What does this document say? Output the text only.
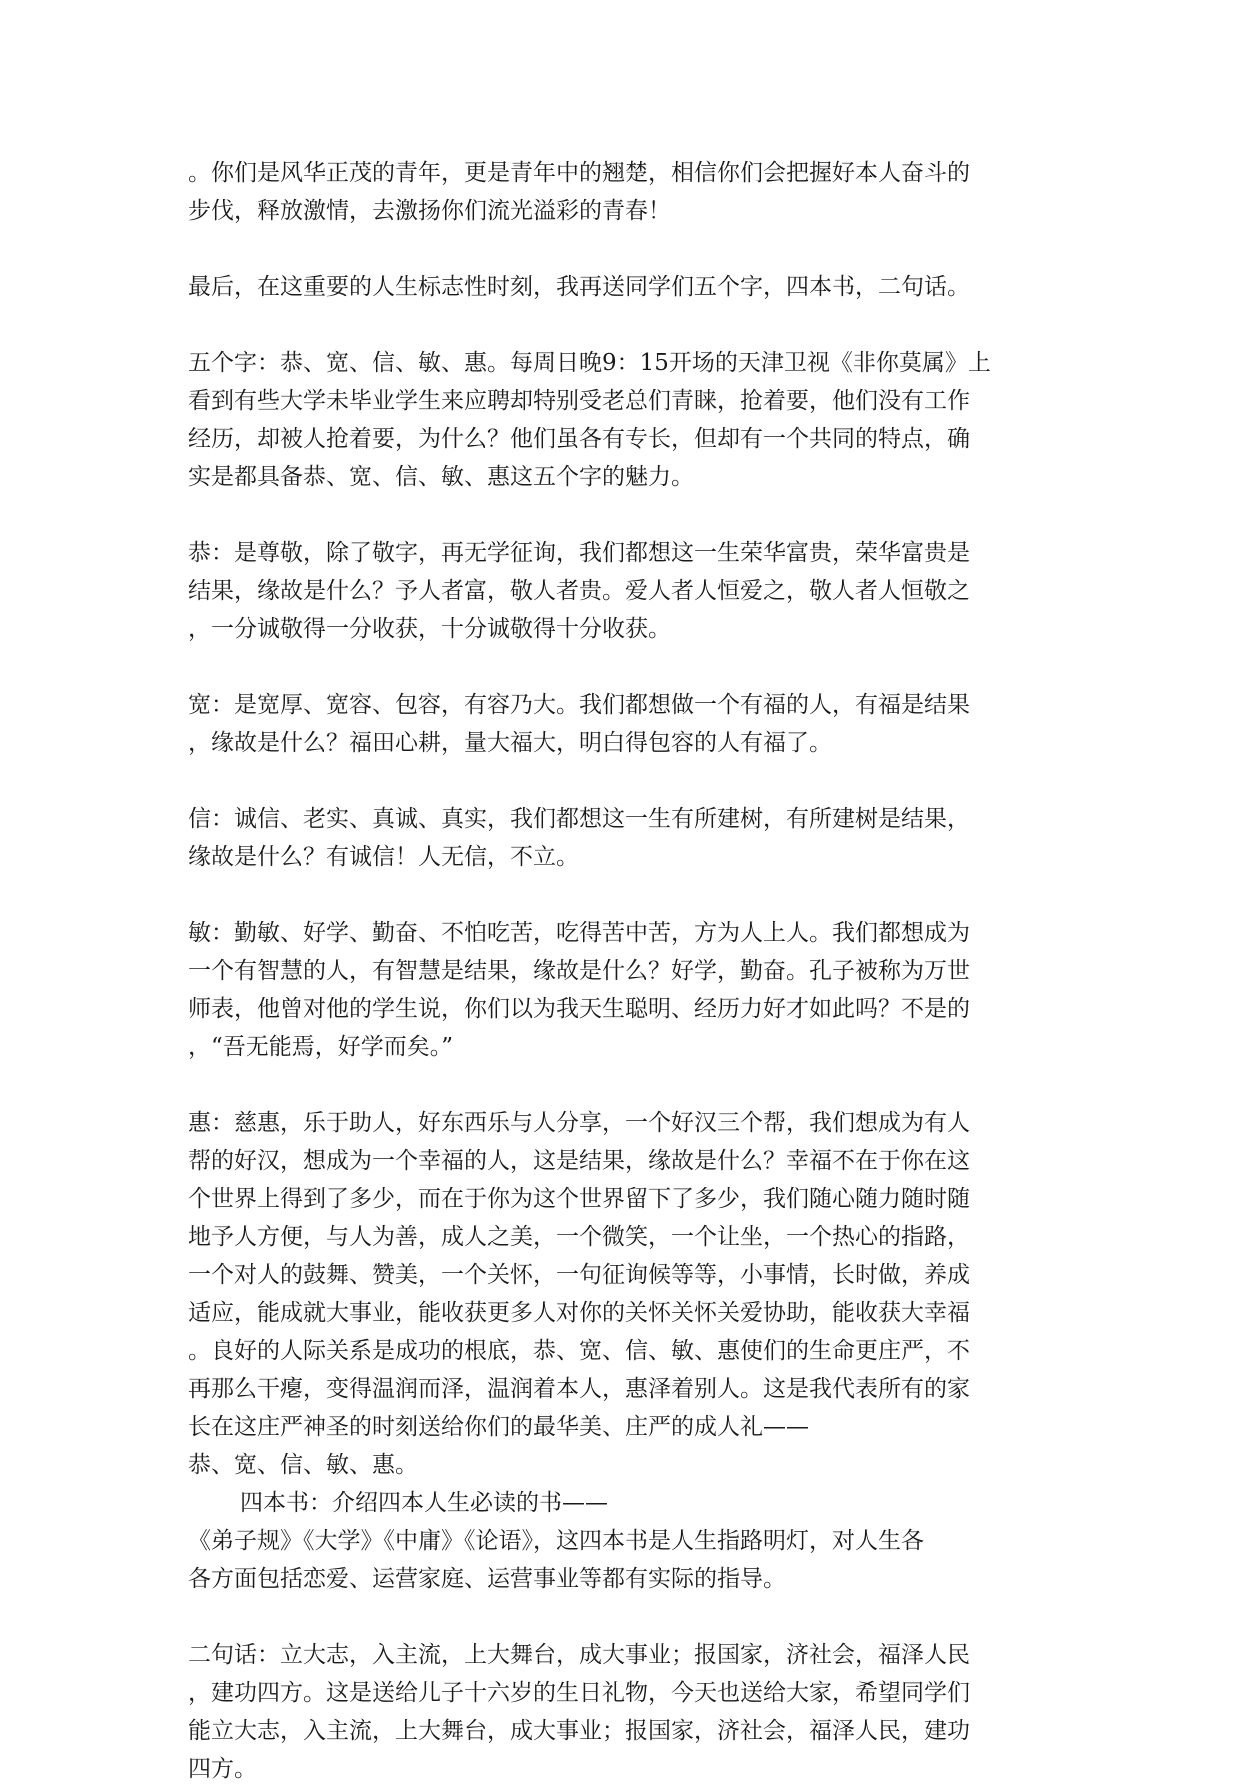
。你们是风华正茂的青年，更是青年中的翘楚，相信你们会把握好本人奋斗的
步伐，释放激情，去激扬你们流光溢彩的青春！
最后，在这重要的人生标志性时刻，我再送同学们五个字，四本书，二句话。
五个字：恭、宽、信、敏、惠。每周日晚9：15开场的天津卫视《非你莫属》上
看到有些大学未毕业学生来应聘却特别受老总们青睐，抢着要，他们没有工作
经历，却被人抢着要，为什么？他们虽各有专长，但却有一个共同的特点，确
实是都具备恭、宽、信、敏、惠这五个字的魅力。
恭：是尊敬，除了敬字，再无学征询，我们都想这一生荣华富贵，荣华富贵是
结果，缘故是什么？予人者富，敬人者贵。爱人者人恒爱之，敬人者人恒敬之
，一分诚敬得一分收获，十分诚敬得十分收获。
宽：是宽厚、宽容、包容，有容乃大。我们都想做一个有福的人，有福是结果
，缘故是什么？福田心耕，量大福大，明白得包容的人有福了。
信：诚信、老实、真诚、真实，我们都想这一生有所建树，有所建树是结果，
缘故是什么？有诚信！人无信，不立。
敏：勤敏、好学、勤奋、不怕吃苦，吃得苦中苦，方为人上人。我们都想成为
一个有智慧的人，有智慧是结果，缘故是什么？好学，勤奋。孔子被称为万世
师表，他曾对他的学生说，你们以为我天生聪明、经历力好才如此吗？不是的
，“吾无能焉，好学而矣。”
惠：慈惠，乐于助人，好东西乐与人分享，一个好汉三个帮，我们想成为有人
帮的好汉，想成为一个幸福的人，这是结果，缘故是什么？幸福不在于你在这
个世界上得到了多少，而在于你为这个世界留下了多少，我们随心随力随时随
地予人方便，与人为善，成人之美，一个微笑，一个让坐，一个热心的指路，
一个对人的鼓舞、赞美，一个关怀，一句征询候等等，小事情，长时做，养成
适应，能成就大事业，能收获更多人对你的关怀关怀关爱协助，能收获大幸福
。良好的人际关系是成功的根底，恭、宽、信、敏、惠使们的生命更庄严，不
再那么干瘪，变得温润而泽，温润着本人，惠泽着别人。这是我代表所有的家
长在这庄严神圣的时刻送给你们的最华美、庄严的成人礼——
恭、宽、信、敏、惠。
四本书：介绍四本人生必读的书——
《弟子规》《大学》《中庸》《论语》，这四本书是人生指路明灯，对人生各
各方面包括恋爱、运营家庭、运营事业等都有实际的指导。
二句话：立大志，入主流，上大舞台，成大事业；报国家，济社会，福泽人民
，建功四方。这是送给儿子十六岁的生日礼物，今天也送给大家，希望同学们
能立大志，入主流，上大舞台，成大事业；报国家，济社会，福泽人民，建功
四方。
